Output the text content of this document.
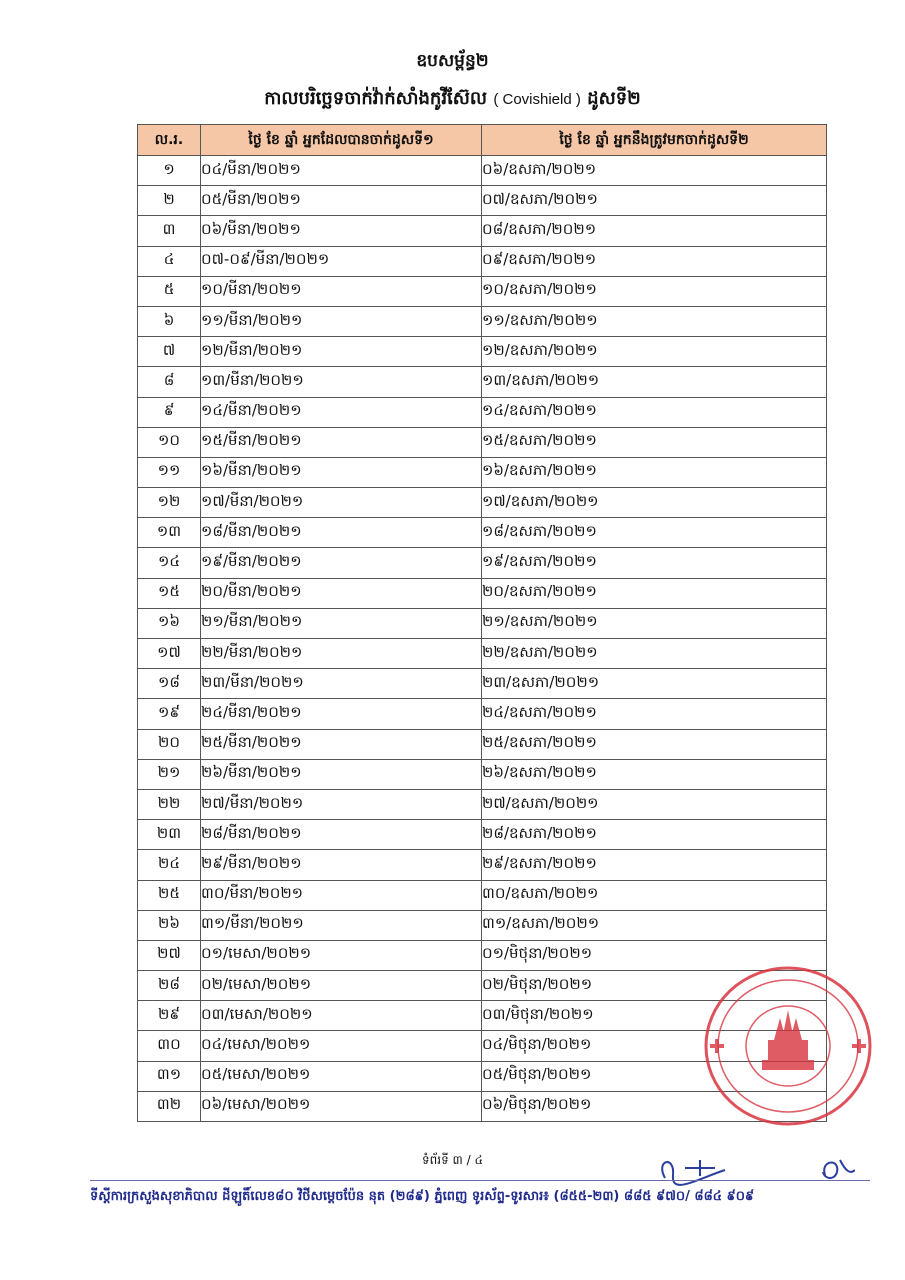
ឧបសម្ព័ន្ធ២
កាលបរិច្ឆេទចាក់វ៉ាក់សាំងកូវីស៊ែល ( Covishield ) ដូសទី២
ល.រ.	ថ្ងៃ ខែ ឆ្នាំ អ្នកដែលបានចាក់ដូសទី១	ថ្ងៃ ខែ ឆ្នាំ អ្នកនឹងត្រូវមកចាក់ដូសទី២
១	០៤/មីនា/២០២១	០៦/ឧសភា/២០២១
២	០៥/មីនា/២០២១	០៧/ឧសភា/២០២១
៣	០៦/មីនា/២០២១	០៨/ឧសភា/២០២១
៤	០៧-០៩/មីនា/២០២១	០៩/ឧសភា/២០២១
៥	១០/មីនា/២០២១	១០/ឧសភា/២០២១
៦	១១/មីនា/២០២១	១១/ឧសភា/២០២១
៧	១២/មីនា/២០២១	១២/ឧសភា/២០២១
៨	១៣/មីនា/២០២១	១៣/ឧសភា/២០២១
៩	១៤/មីនា/២០២១	១៤/ឧសភា/២០២១
១០	១៥/មីនា/២០២១	១៥/ឧសភា/២០២១
១១	១៦/មីនា/២០២១	១៦/ឧសភា/២០២១
១២	១៧/មីនា/២០២១	១៧/ឧសភា/២០២១
១៣	១៨/មីនា/២០២១	១៨/ឧសភា/២០២១
១៤	១៩/មីនា/២០២១	១៩/ឧសភា/២០២១
១៥	២០/មីនា/២០២១	២០/ឧសភា/២០២១
១៦	២១/មីនា/២០២១	២១/ឧសភា/២០២១
១៧	២២/មីនា/២០២១	២២/ឧសភា/២០២១
១៨	២៣/មីនា/២០២១	២៣/ឧសភា/២០២១
១៩	២៤/មីនា/២០២១	២៤/ឧសភា/២០២១
២០	២៥/មីនា/២០២១	២៥/ឧសភា/២០២១
២១	២៦/មីនា/២០២១	២៦/ឧសភា/២០២១
២២	២៧/មីនា/២០២១	២៧/ឧសភា/២០២១
២៣	២៨/មីនា/២០២១	២៨/ឧសភា/២០២១
២៤	២៩/មីនា/២០២១	២៩/ឧសភា/២០២១
២៥	៣០/មីនា/២០២១	៣០/ឧសភា/២០២១
២៦	៣១/មីនា/២០២១	៣១/ឧសភា/២០២១
២៧	០១/មេសា/២០២១	០១/មិថុនា/២០២១
២៨	០២/មេសា/២០២១	០២/មិថុនា/២០២១
២៩	០៣/មេសា/២០២១	០៣/មិថុនា/២០២១
៣០	០៤/មេសា/២០២១	០៤/មិថុនា/២០២១
៣១	០៥/មេសា/២០២១	០៥/មិថុនា/២០២១
៣២	០៦/មេសា/២០២១	០៦/មិថុនា/២០២១
ទំព័រទី ៣ / ៤
ទីស្តីការក្រសួងសុខាភិបាល ដីឡូតិ៍លេខ៨០ វិថីសម្តេចប៉ែន នុត (២៨៩) ភ្នំពេញ ទូរស័ព្ទ-ទូរសារ៖ (៨៥៥-២៣) ៨៨៥ ៩៧០/ ៨៨៤ ៩០៩
